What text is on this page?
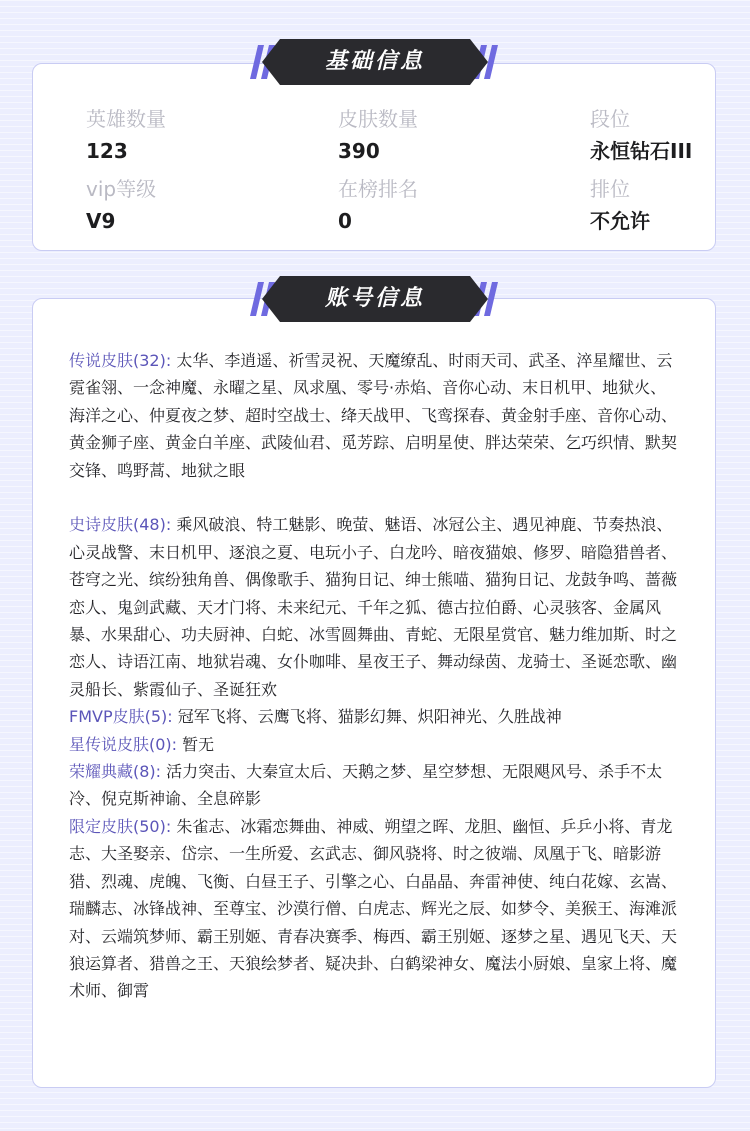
英雄数量
123
皮肤数量
390
段位
永恒钻石III
vip等级
V9
在榜排名
0
排位
不允许
基础信息

传说皮肤(32): 太华、李逍遥、祈雪灵祝、天魔缭乱、时雨天司、武圣、淬星耀世、云霓雀翎、一念神魔、永曜之星、凤求凰、零号·赤焰、音你心动、末日机甲、地狱火、海洋之心、仲夏夜之梦、超时空战士、绛天战甲、飞鸾探春、黄金射手座、音你心动、黄金狮子座、黄金白羊座、武陵仙君、觅芳踪、启明星使、胖达荣荣、乞巧织情、默契交锋、鸣野蒿、地狱之眼

史诗皮肤(48): 乘风破浪、特工魅影、晚萤、魅语、冰冠公主、遇见神鹿、节奏热浪、心灵战警、末日机甲、逐浪之夏、电玩小子、白龙吟、暗夜猫娘、修罗、暗隐猎兽者、苍穹之光、缤纷独角兽、偶像歌手、猫狗日记、绅士熊喵、猫狗日记、龙鼓争鸣、蔷薇恋人、鬼剑武藏、天才门将、未来纪元、千年之狐、德古拉伯爵、心灵骇客、金属风暴、水果甜心、功夫厨神、白蛇、冰雪圆舞曲、青蛇、无限星赏官、魅力维加斯、时之恋人、诗语江南、地狱岩魂、女仆咖啡、星夜王子、舞动绿茵、龙骑士、圣诞恋歌、幽灵船长、紫霞仙子、圣诞狂欢

FMVP皮肤(5): 冠军飞将、云鹰飞将、猫影幻舞、炽阳神光、久胜战神

星传说皮肤(0): 暂无

荣耀典藏(8): 活力突击、大秦宣太后、天鹅之梦、星空梦想、无限飓风号、杀手不太冷、倪克斯神谕、全息碎影

限定皮肤(50): 朱雀志、冰霜恋舞曲、神威、朔望之晖、龙胆、幽恒、乒乒小将、青龙志、大圣娶亲、岱宗、一生所爱、玄武志、御风骁将、时之彼端、凤凰于飞、暗影游猎、烈魂、虎魄、飞衡、白昼王子、引擎之心、白晶晶、奔雷神使、纯白花嫁、玄嵩、瑞麟志、冰锋战神、至尊宝、沙漠行僧、白虎志、辉光之辰、如梦令、美猴王、海滩派对、云端筑梦师、霸王别姬、青春决赛季、梅西、霸王别姬、逐梦之星、遇见飞天、天狼运算者、猎兽之王、天狼绘梦者、疑决卦、白鹤梁神女、魔法小厨娘、皇家上将、魔术师、御霄

账号信息
